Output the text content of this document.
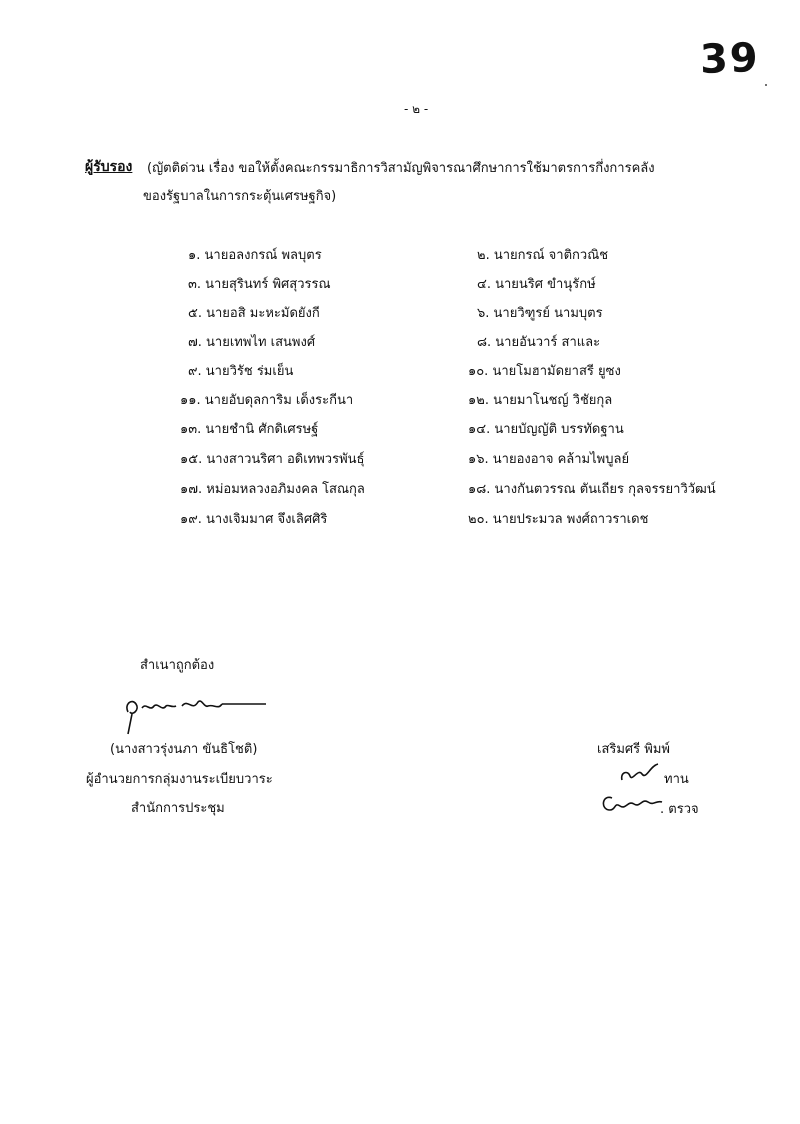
39
- ๒ -
ผู้รับรอง (ญัตติด่วน เรื่อง ขอให้ตั้งคณะกรรมาธิการวิสามัญพิจารณาศึกษาการใช้มาตรการกึ่งการคลัง
ของรัฐบาลในการกระตุ้นเศรษฐกิจ)
๑. นายอลงกรณ์ พลบุตร	๒. นายกรณ์ จาติกวณิช
๓. นายสุรินทร์ พิศสุวรรณ	๔. นายนริศ ขำนุรักษ์
๕. นายอสิ มะหะมัดยังกี	๖. นายวิฑูรย์ นามบุตร
๗. นายเทพไท เสนพงศ์	๘. นายอันวาร์ สาและ
๙. นายวิรัช ร่มเย็น	๑๐. นายโมฮามัดยาสรี ยูซง
๑๑. นายอับดุลการิม เด็งระกีนา	๑๒. นายมาโนชญ์ วิชัยกุล
๑๓. นายชำนิ ศักดิเศรษฐ์	๑๔. นายบัญญัติ บรรทัดฐาน
๑๕. นางสาวนริศา อดิเทพวรพันธุ์	๑๖. นายองอาจ คล้ามไพบูลย์
๑๗. หม่อมหลวงอภิมงคล โสณกุล	๑๘. นางกันตวรรณ ตันเถียร กุลจรรยาวิวัฒน์
๑๙. นางเจิมมาศ จึงเลิศศิริ	๒๐. นายประมวล พงศ์ถาวราเดช
สำเนาถูกต้อง
(นางสาวรุ่งนภา ขันธิโชติ)
ผู้อำนวยการกลุ่มงานระเบียบวาระ
สำนักการประชุม
เสริมศรี พิมพ์
ทาน
. ตรวจ
